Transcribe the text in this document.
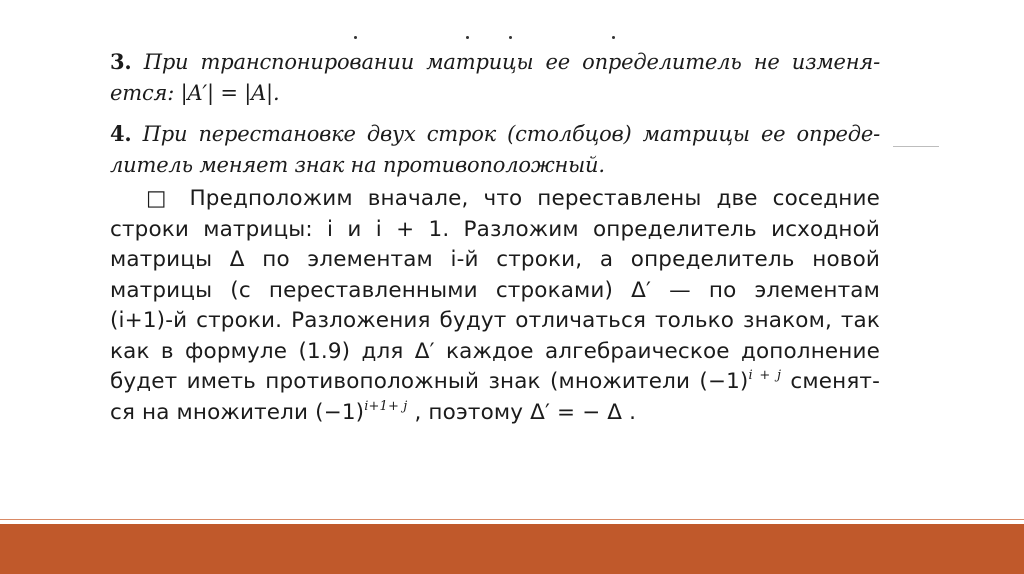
3. При транспонировании матрицы ее определитель не изменя-
ется: |A′| = |A|.

4. При перестановке двух строк (столбцов) матрицы ее опреде-
литель меняет знак на противоположный.

□ Предположим вначале, что переставлены две соседние
строки матрицы: i и i + 1. Разложим определитель исходной
матрицы Δ по элементам i-й строки, а определитель новой
матрицы (с переставленными строками) Δ′ — по элементам
(i+1)-й строки. Разложения будут отличаться только знаком, так
как в формуле (1.9) для Δ′ каждое алгебраическое дополнение
будет иметь противоположный знак (множители $(-1)^{i + j}$ сменят-
ся на множители $(-1)^{i+1+ j}$ , поэтому Δ′ = − Δ .
